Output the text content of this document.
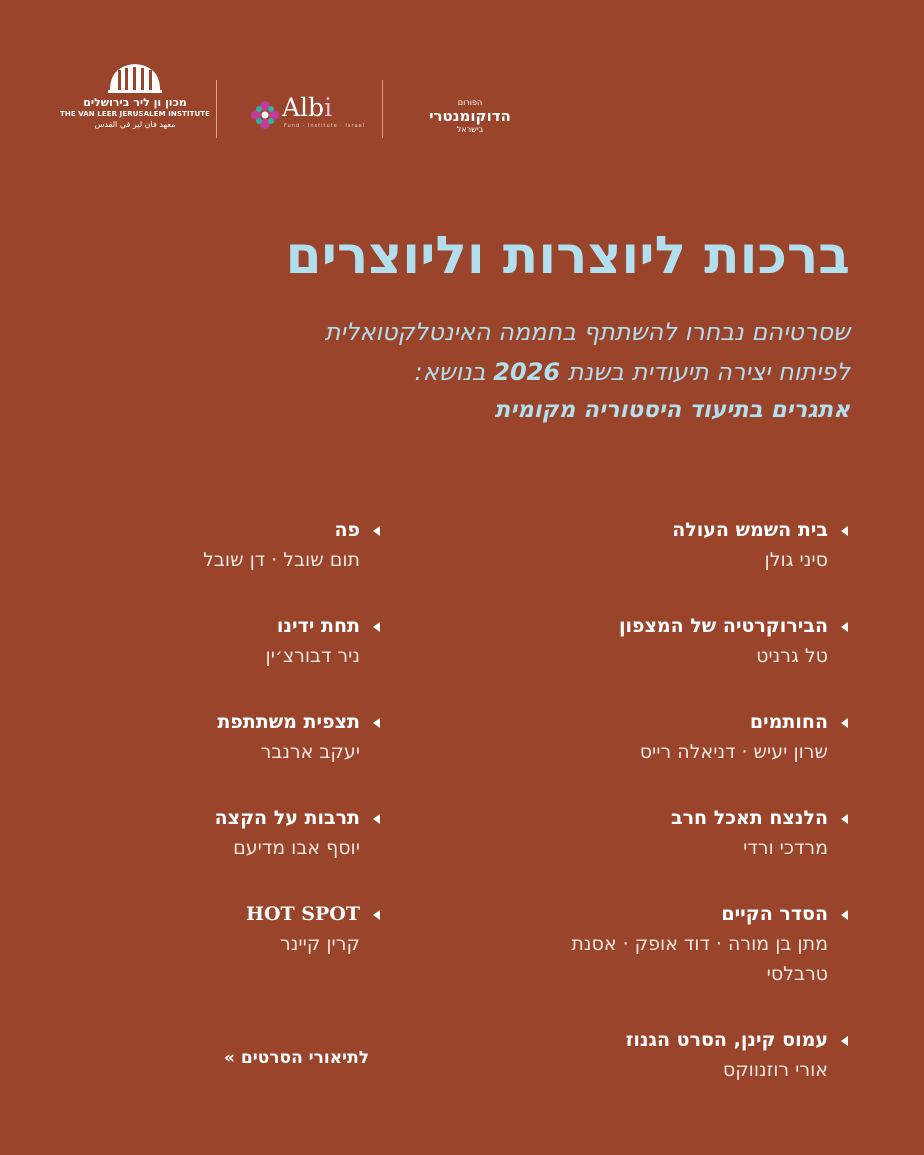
מכון ון ליר בירושלים
THE VAN LEER JERUSALEM INSTITUTE
معهد فان لير في القدس
Albi
Fund · Institute · Israel
הפורום
הדוקומנטרי
בישראל
ברכות ליוצרות וליוצרים
שסרטיהם נבחרו להשתתף בחממה האינטלקטואלית
לפיתוח יצירה תיעודית בשנת 2026 בנושא:
אתגרים בתיעוד היסטוריה מקומית
בית השמש העולה
סיני גולן
הבירוקרטיה של המצפון
טל גרניט
החותמים
שרון יעיש · דניאלה רייס
הלנצח תאכל חרב
מרדכי ורדי
הסדר הקיים
מתן בן מורה · דוד אופק · אסנת טרבלסי
עמוס קינן, הסרט הגנוז
אורי רוזנווקס
פה
תום שובל · דן שובל
תחת ידינו
ניר דבורצ׳ין
תצפית משתתפת
יעקב ארנבר
תרבות על הקצה
יוסף אבו מדיעם
HOT SPOT
קרין קיינר
לתיאורי הסרטים »
